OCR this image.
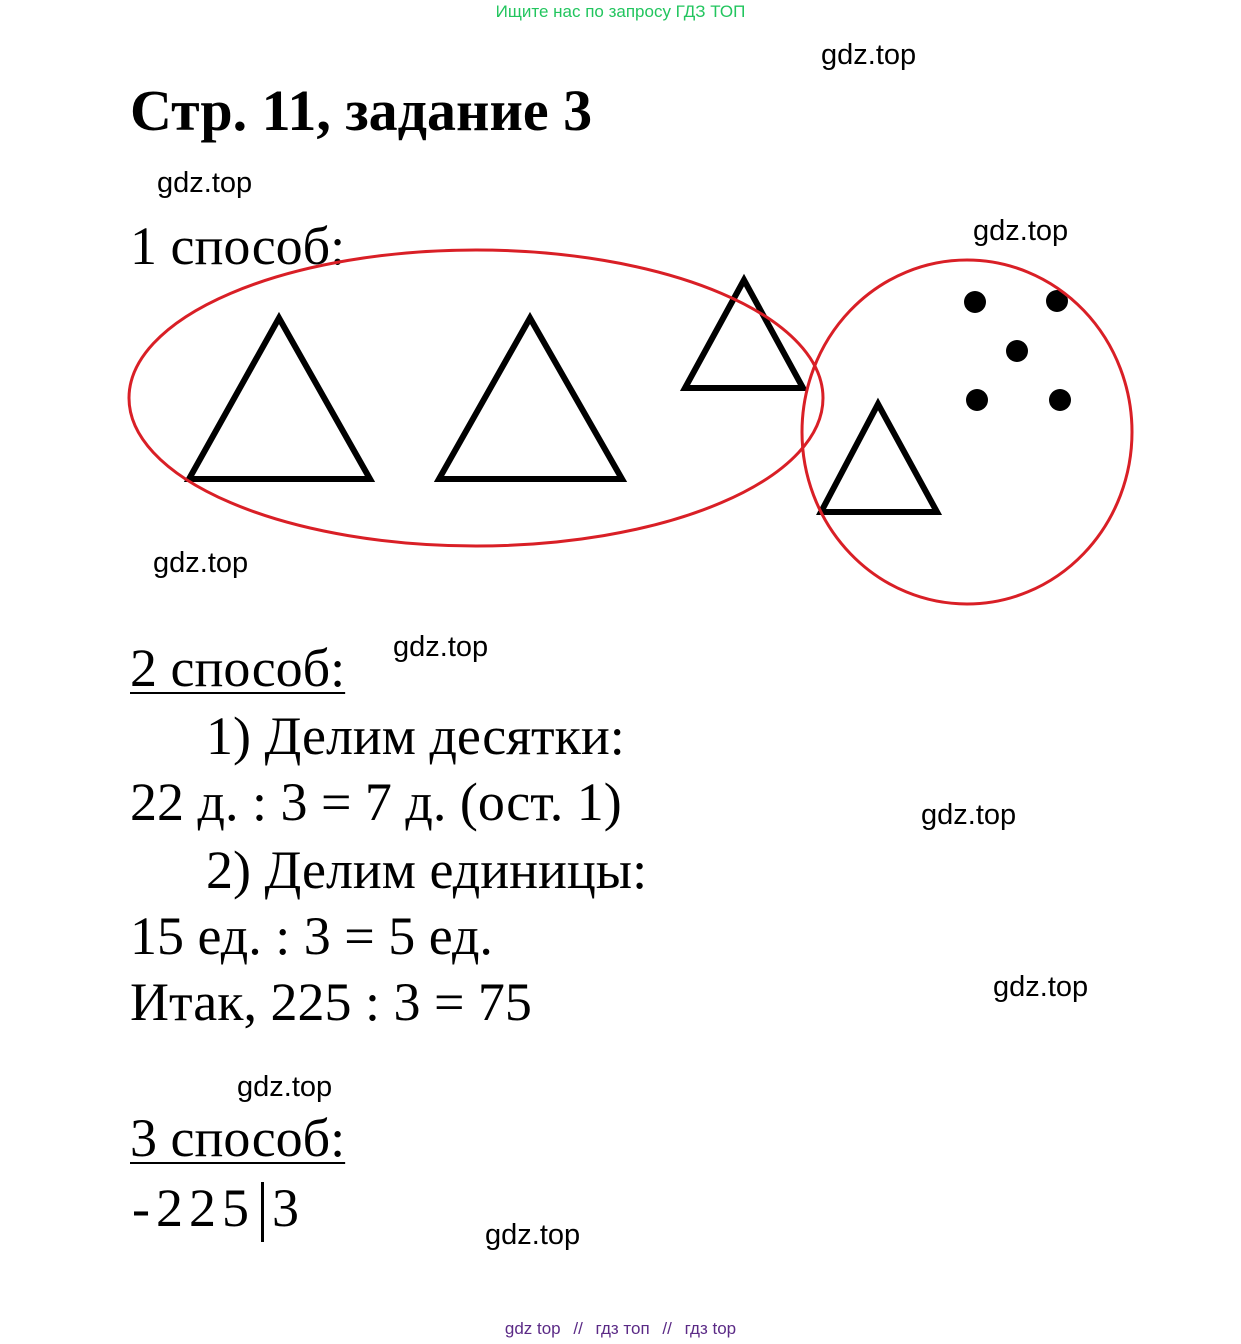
Ищите нас по запросу ГДЗ ТОП
gdz.top
Стр. 11, задание 3
gdz.top
gdz.top
1 способ:
gdz.top
2 способ: gdz.top
1) Делим десятки:
22 д. : 3 = 7 д. (ост. 1)	gdz.top
2) Делим единицы:
15 ед. : 3 = 5 ед.
Итак, 225 : 3 = 75	gdz.top
gdz.top
3 способ:
-225 3	gdz.top
gdz top // гдз топ // гдз top
